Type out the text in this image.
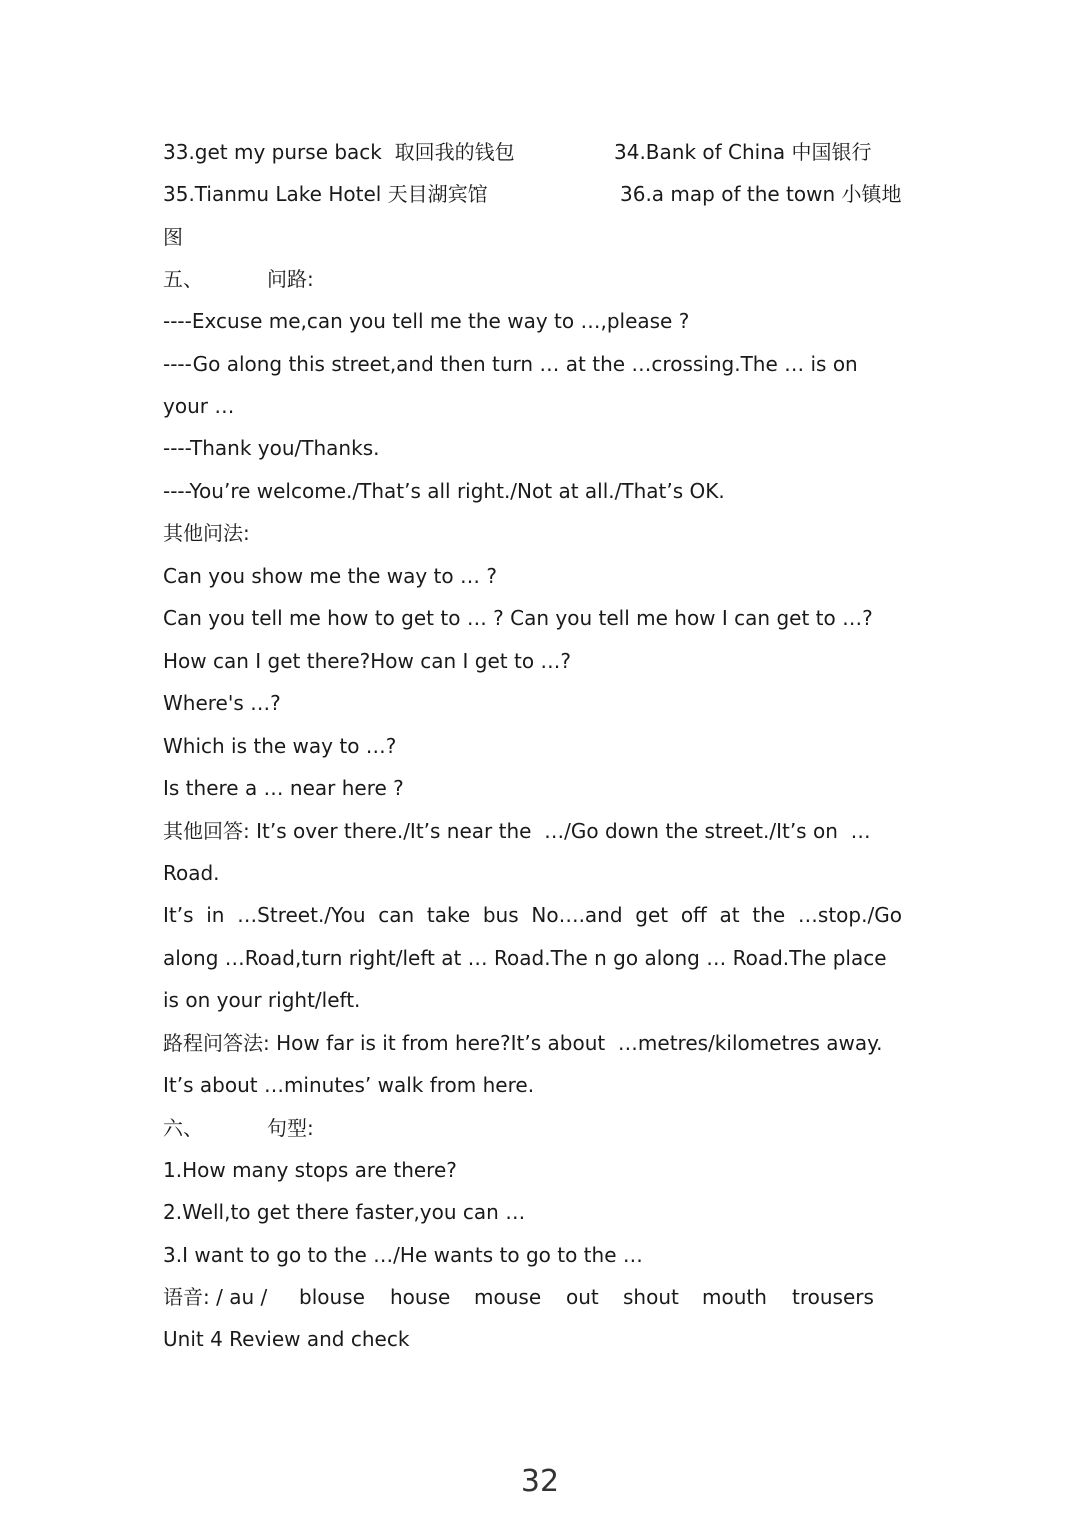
33.get my purse back  取回我的钱包	34.Bank of China 中国银行
35.Tianmu Lake Hotel 天目湖宾馆	36.a map of the town 小镇地
图
五、	问路:
----Excuse me,can you tell me the way to …,please ?
----Go along this street,and then turn … at the …crossing.The … is on
your …
----Thank you/Thanks.
----You’re welcome./That’s all right./Not at all./That’s OK.
其他问法:
Can you show me the way to … ?
Can you tell me how to get to … ? Can you tell me how I can get to …?
How can I get there?How can I get to …?
Where's …?
Which is the way to …?
Is there a … near here ?
其他回答: It’s over there./It’s near the  …/Go down the street./It’s on  …
Road.
It’s  in  …Street./You  can  take  bus  No….and  get  off  at  the  …stop./Go
along …Road,turn right/left at … Road.The n go along … Road.The place
is on your right/left.
路程问答法: How far is it from here?It’s about  …metres/kilometres away.
It’s about …minutes’ walk from here.
六、	句型:
1.How many stops are there?
2.Well,to get there faster,you can …
3.I want to go to the …/He wants to go to the …
语音: / au / blouse house mouse out shout mouth trousers
Unit 4 Review and check
32
